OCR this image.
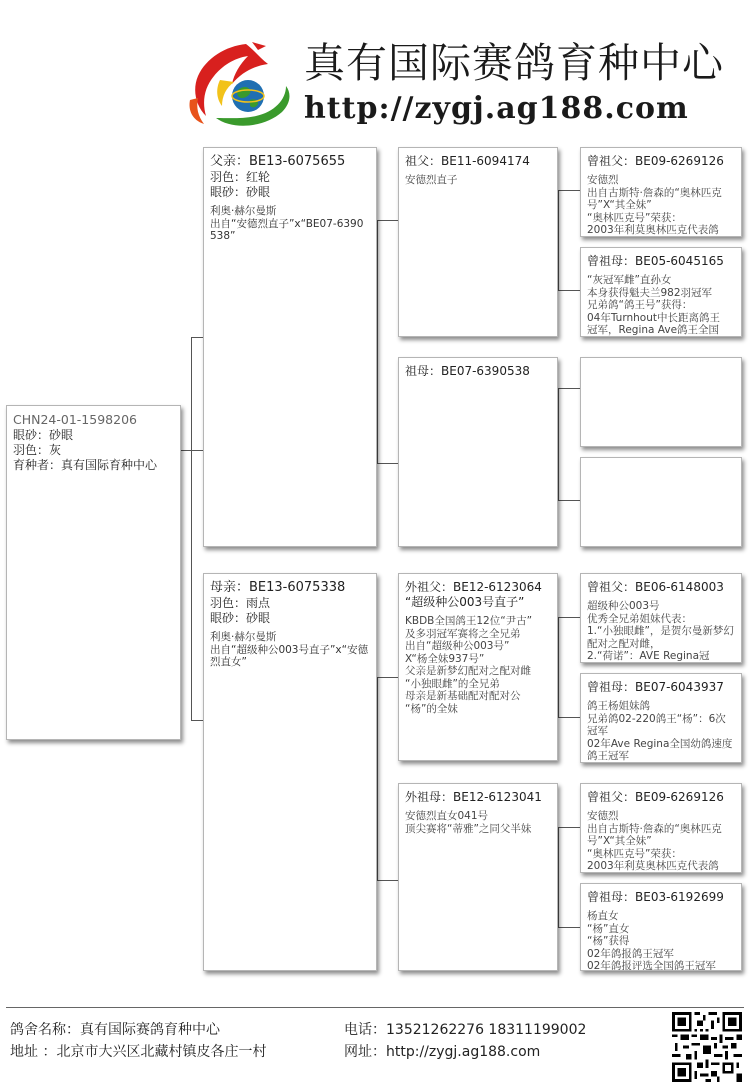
真有国际赛鸽育种中心
http://zygj.ag188.com
CHN24-01-1598206
眼砂：砂眼
羽色：灰
育种者：真有国际育种中心
父亲：BE13-6075655
羽色：红轮
眼砂：砂眼
利奥·赫尔曼斯
出自“安德烈直子”x“BE07-6390538”
母亲：BE13-6075338
羽色：雨点
眼砂：砂眼
利奥·赫尔曼斯
出自“超级种公003号直子”x“安德烈直女”
祖父：BE11-6094174
安德烈直子
祖母：BE07-6390538
外祖父：BE12-6123064
“超级种公003号直子”
KBDB全国鸽王12位“尹古”
及多羽冠军赛将之全兄弟
出自“超级种公003号”
X“杨全妹937号”
父亲是新梦幻配对之配对雌
“小独眼雌”的全兄弟
母亲是新基础配对配对公
“杨”的全妹
外祖母：BE12-6123041
安德烈直女041号
顶尖赛将“蒂雅”之同父半妹
曾祖父：BE09-6269126
安德烈
出自古斯特·詹森的“奥林匹克号”X“其全妹”
“奥林匹克号”荣获：
2003年利莫奥林匹克代表鸽
曾祖母：BE05-6045165
“灰冠军雌”直孙女
本身获得魁夫兰982羽冠军
兄弟鸽“鸽王号”获得：
04年Turnhout中长距离鸽王
冠军，Regina Ave鸽王全国
曾祖父：BE06-6148003
超级种公003号
优秀全兄弟姐妹代表：
1.“小独眼雌”，是贺尔曼新梦幻配对之配对雌，
2.“荷诺”：AVE Regina冠
曾祖母：BE07-6043937
鸽王杨姐妹鸽
兄弟鸽02-220鸽王“杨”：6次冠军
02年Ave Regina全国幼鸽速度鸽王冠军
曾祖父：BE09-6269126
安德烈
出自古斯特·詹森的“奥林匹克号”X“其全妹”
“奥林匹克号”荣获：
2003年利莫奥林匹克代表鸽
曾祖母：BE03-6192699
杨直女
“杨”直女
“杨”获得
02年鸽报鸽王冠军
02年鸽报评选全国鸽王冠军
鸽舍名称：真有国际赛鸽育种中心
地址 ：北京市大兴区北藏村镇皮各庄一村
电话：13521262276 18311199002
网址：http://zygj.ag188.com
